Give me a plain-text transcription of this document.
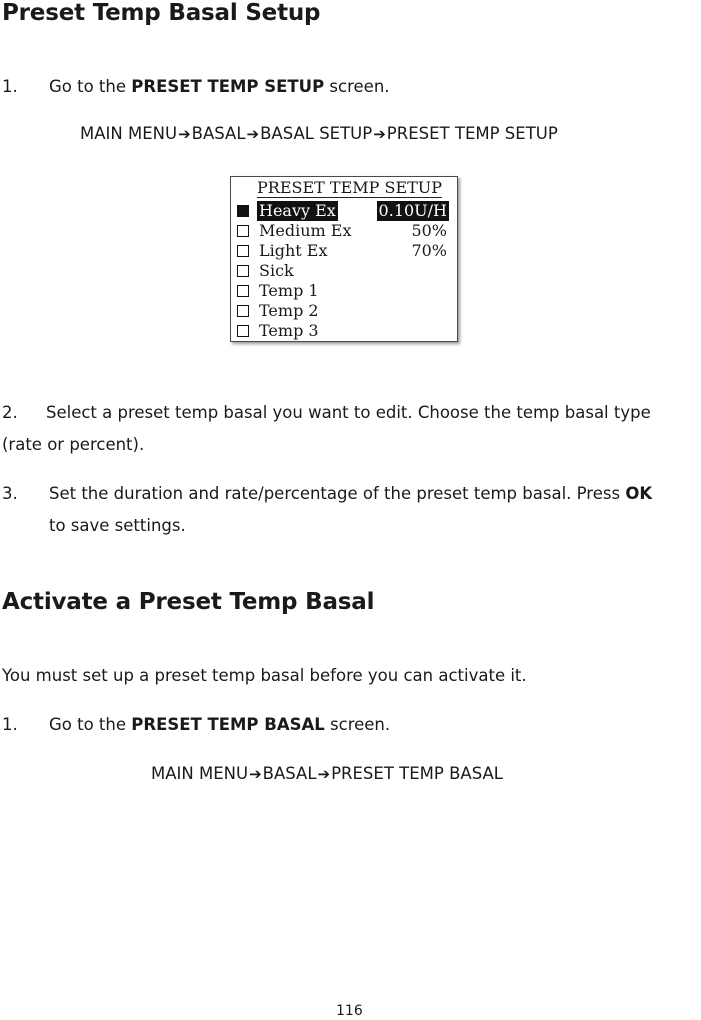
Preset Temp Basal Setup
1. Go to the PRESET TEMP SETUP screen.
MAIN MENU➔BASAL➔BASAL SETUP➔PRESET TEMP SETUP
PRESET TEMP SETUP
Heavy Ex	0.10U/H
Medium Ex	50%
Light Ex	70%
Sick
Temp 1
Temp 2
Temp 3
2. Select a preset temp basal you want to edit. Choose the temp basal type
(rate or percent).
3. Set the duration and rate/percentage of the preset temp basal. Press OK
to save settings.
Activate a Preset Temp Basal
You must set up a preset temp basal before you can activate it.
1. Go to the PRESET TEMP BASAL screen.
MAIN MENU➔BASAL➔PRESET TEMP BASAL
116
